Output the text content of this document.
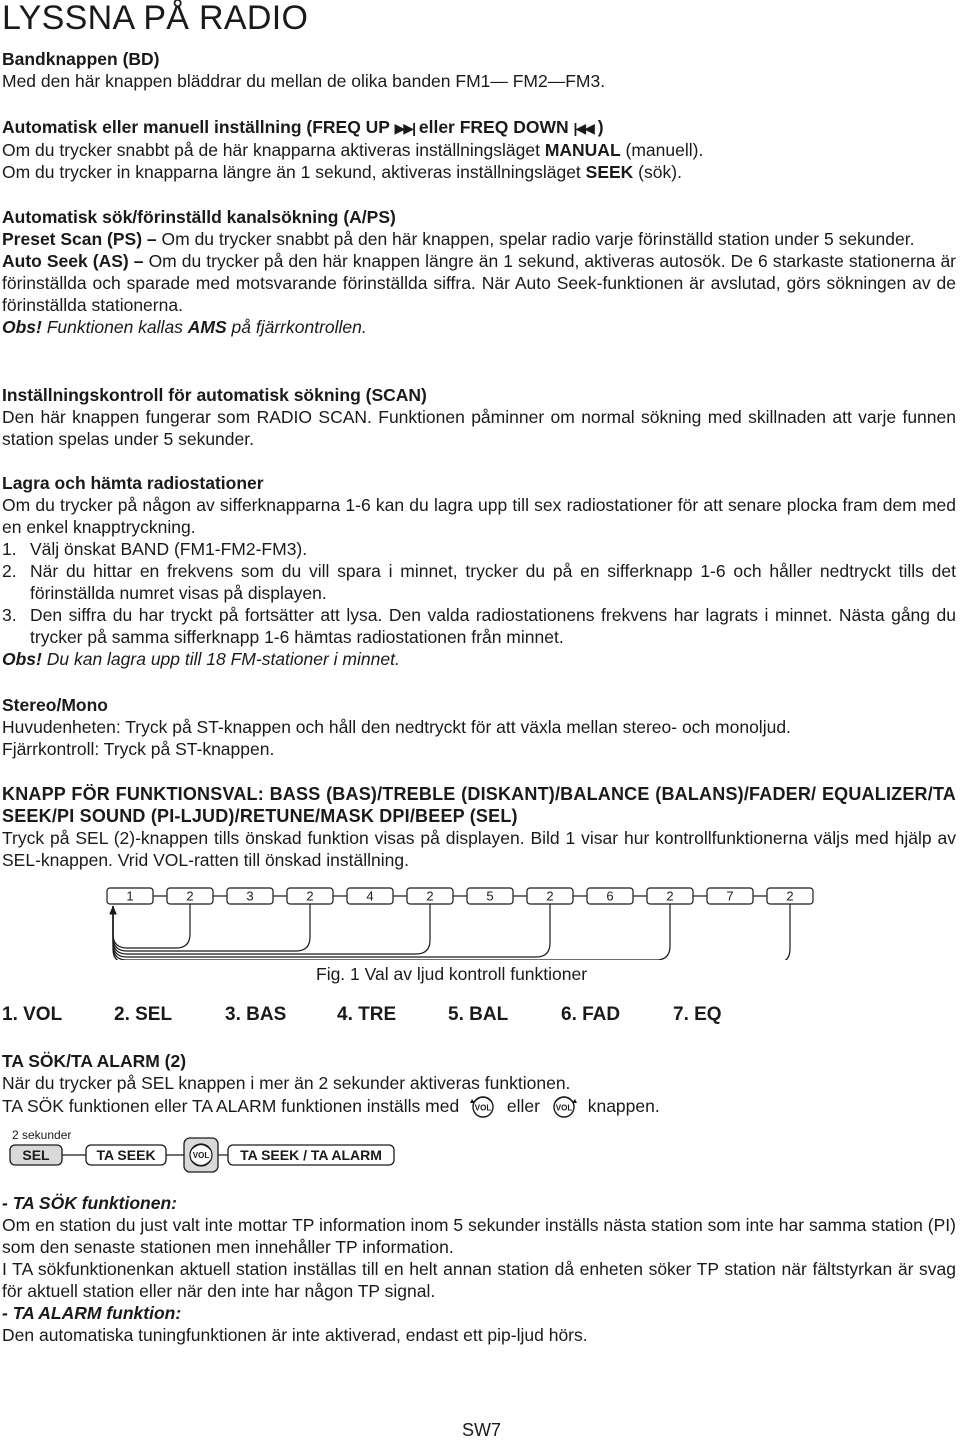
LYSSNA PÅ RADIO

Bandknappen (BD)

Med den här knappen bläddrar du mellan de olika banden FM1— FM2—FM3.

Automatisk eller manuell inställning (FREQ UP ▶▶| eller FREQ DOWN |◀◀ )

Om du trycker snabbt på de här knapparna aktiveras inställningsläget MANUAL (manuell).

Om du trycker in knapparna längre än 1 sekund, aktiveras inställningsläget SEEK (sök).

Automatisk sök/förinställd kanalsökning (A/PS)

Preset Scan (PS) – Om du trycker snabbt på den här knappen, spelar radio varje förinställd station under 5 sekunder.

Auto Seek (AS) – Om du trycker på den här knappen längre än 1 sekund, aktiveras autosök. De 6 starkaste stationerna är förinställda och sparade med motsvarande förinställda siffra. När Auto Seek-funktionen är avslutad, görs sökningen av de förinställda stationerna.

Obs! Funktionen kallas AMS på fjärrkontrollen.

Inställningskontroll för automatisk sökning (SCAN)

Den här knappen fungerar som RADIO SCAN. Funktionen påminner om normal sökning med skillnaden att varje funnen station spelas under 5 sekunder.

Lagra och hämta radiostationer

Om du trycker på någon av sifferknapparna 1-6 kan du lagra upp till sex radiostationer för att senare plocka fram dem med en enkel knapptryckning.

1. Välj önskat BAND (FM1-FM2-FM3).
2. När du hittar en frekvens som du vill spara i minnet, trycker du på en sifferknapp 1-6 och håller nedtryckt tills det förinställda numret visas på displayen.
3. Den siffra du har tryckt på fortsätter att lysa. Den valda radiostationens frekvens har lagrats i minnet. Nästa gång du trycker på samma sifferknapp 1-6 hämtas radiostationen från minnet.

Obs! Du kan lagra upp till 18 FM-stationer i minnet.

Stereo/Mono

Huvudenheten: Tryck på ST-knappen och håll den nedtryckt för att växla mellan stereo- och monoljud.

Fjärrkontroll: Tryck på ST-knappen.

KNAPP FÖR FUNKTIONSVAL: BASS (BAS)/TREBLE (DISKANT)/BALANCE (BALANS)/FADER/ EQUALIZER/TA SEEK/PI SOUND (PI-LJUD)/RETUNE/MASK DPI/BEEP (SEL)

Tryck på SEL (2)-knappen tills önskad funktion visas på displayen. Bild 1 visar hur kontrollfunktionerna väljs med hjälp av SEL-knappen. Vrid VOL-ratten till önskad inställning.

1	2	3	2	4	2	5	2	6	2	7	2
Fig. 1 Val av ljud kontroll funktioner
1. VOL	2. SEL	3. BAS	4. TRE	5. BAL	6. FAD	7. EQ

TA SÖK/TA ALARM (2)

När du trycker på SEL knappen i mer än 2 sekunder aktiveras funktionen.

TA SÖK funktionen eller TA ALARM funktionen inställs med VOL eller VOL knappen.

2 sekunder
SEL	TA SEEK	VOL TA SEEK / TA ALARM

- TA SÖK funktionen:

Om en station du just valt inte mottar TP information inom 5 sekunder inställs nästa station som inte har samma station (PI) som den senaste stationen men innehåller TP information.

I TA sökfunktionenkan aktuell station inställas till en helt annan station då enheten söker TP station när fältstyrkan är svag för aktuell station eller när den inte har någon TP signal.

- TA ALARM funktion:

Den automatiska tuningfunktionen är inte aktiverad, endast ett pip-ljud hörs.

SW7
